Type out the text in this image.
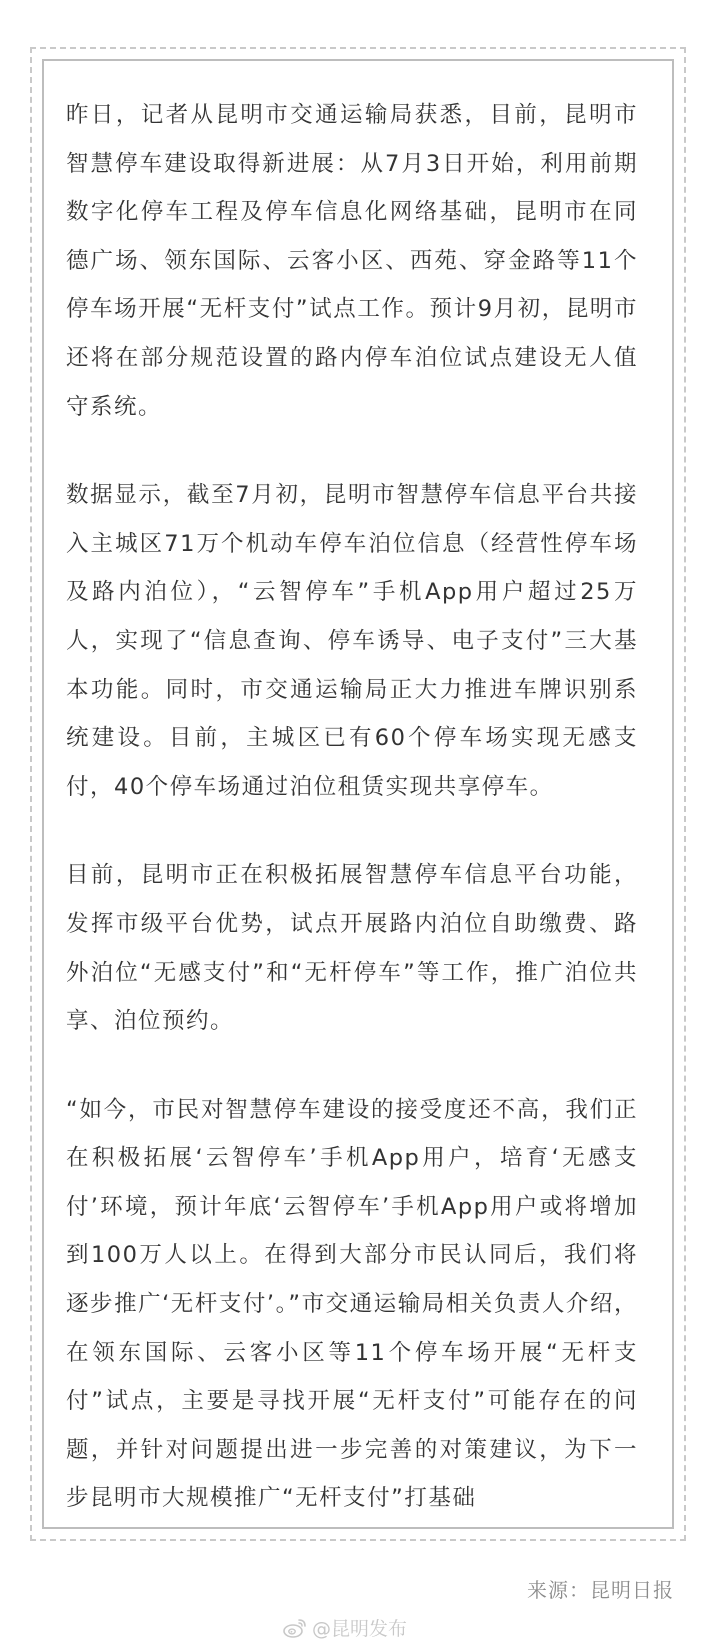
昨日，记者从昆明市交通运输局获悉，目前，昆明市智慧停车建设取得新进展：从7月3日开始，利用前期数字化停车工程及停车信息化网络基础，昆明市在同德广场、领东国际、云客小区、西苑、穿金路等11个停车场开展“无杆支付”试点工作。预计9月初，昆明市还将在部分规范设置的路内停车泊位试点建设无人值守系统。

数据显示，截至7月初，昆明市智慧停车信息平台共接入主城区71万个机动车停车泊位信息（经营性停车场及路内泊位），“云智停车”手机App用户超过25万人，实现了“信息查询、停车诱导、电子支付”三大基本功能。同时，市交通运输局正大力推进车牌识别系统建设。目前，主城区已有60个停车场实现无感支付，40个停车场通过泊位租赁实现共享停车。

目前，昆明市正在积极拓展智慧停车信息平台功能，发挥市级平台优势，试点开展路内泊位自助缴费、路外泊位“无感支付”和“无杆停车”等工作，推广泊位共享、泊位预约。

“如今，市民对智慧停车建设的接受度还不高，我们正在积极拓展‘云智停车’手机App用户，培育‘无感支付’环境，预计年底‘云智停车’手机App用户或将增加到100万人以上。在得到大部分市民认同后，我们将逐步推广‘无杆支付’。”市交通运输局相关负责人介绍，在领东国际、云客小区等11个停车场开展“无杆支付”试点，主要是寻找开展“无杆支付”可能存在的问题，并针对问题提出进一步完善的对策建议，为下一步昆明市大规模推广“无杆支付”打基础

来源：昆明日报
@昆明发布
